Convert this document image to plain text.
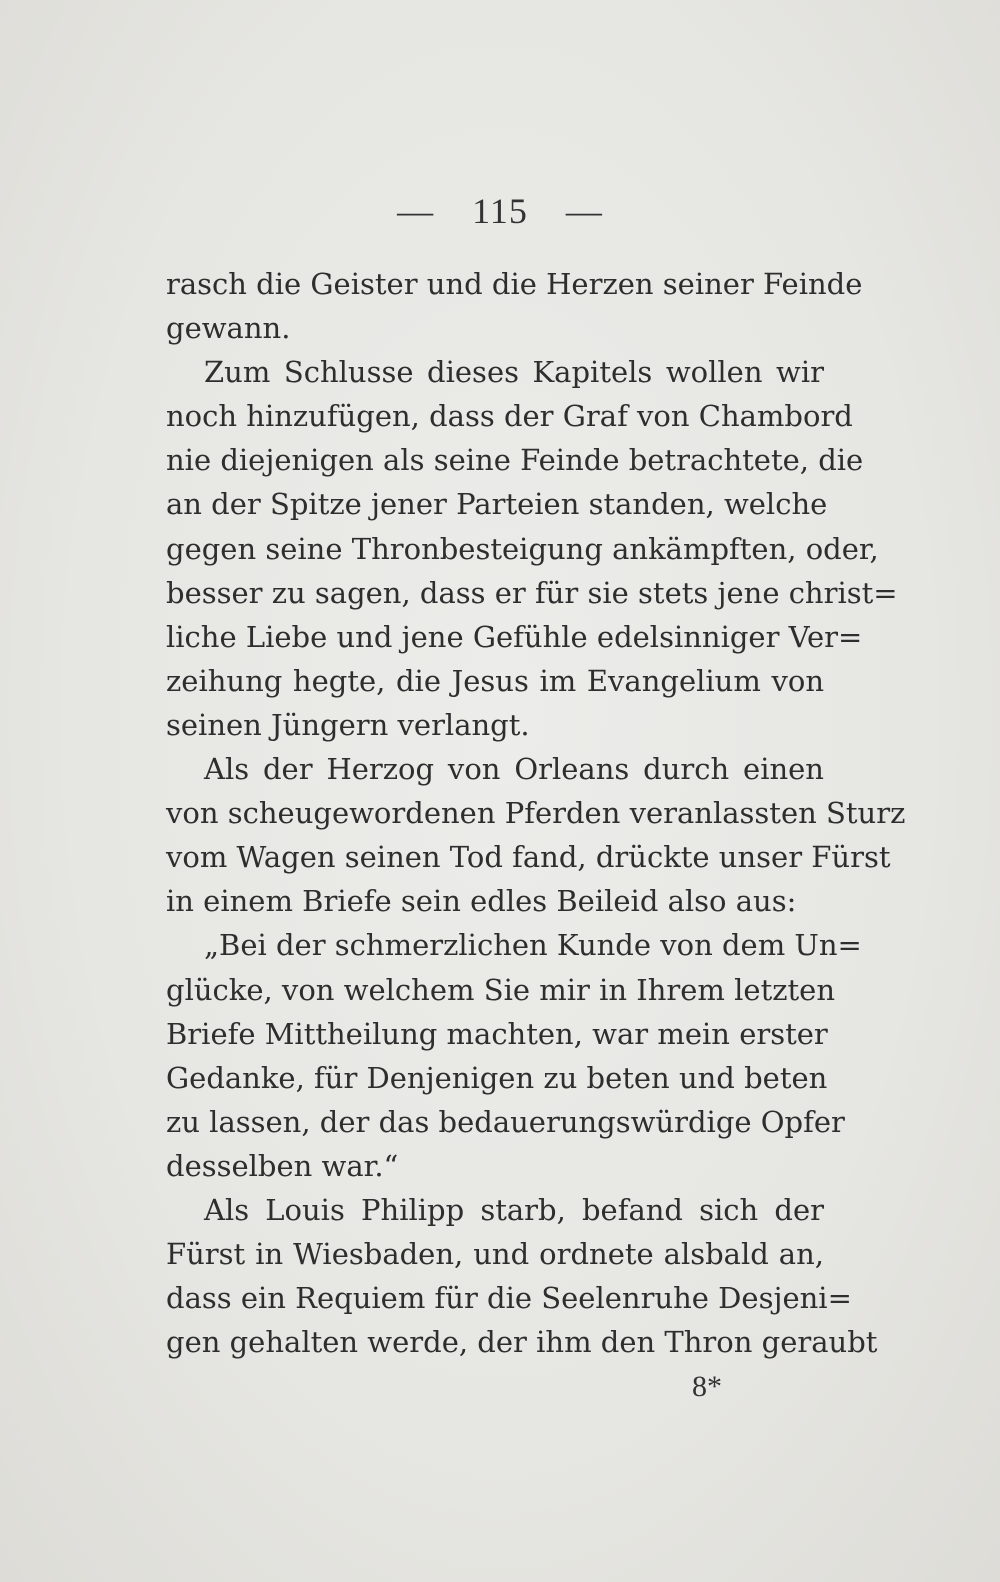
— 115 —
rasch die Geister und die Herzen seiner Feinde
gewann.
Zum Schlusse dieses Kapitels wollen wir
noch hinzufügen, dass der Graf von Chambord
nie diejenigen als seine Feinde betrachtete, die
an der Spitze jener Parteien standen, welche
gegen seine Thronbesteigung ankämpften, oder,
besser zu sagen, dass er für sie stets jene christ=
liche Liebe und jene Gefühle edelsinniger Ver=
zeihung hegte, die Jesus im Evangelium von
seinen Jüngern verlangt.
Als der Herzog von Orleans durch einen
von scheugewordenen Pferden veranlassten Sturz
vom Wagen seinen Tod fand, drückte unser Fürst
in einem Briefe sein edles Beileid also aus:
„Bei der schmerzlichen Kunde von dem Un=
glücke, von welchem Sie mir in Ihrem letzten
Briefe Mittheilung machten, war mein erster
Gedanke, für Denjenigen zu beten und beten
zu lassen, der das bedauerungswürdige Opfer
desselben war.“
Als Louis Philipp starb, befand sich der
Fürst in Wiesbaden, und ordnete alsbald an,
dass ein Requiem für die Seelenruhe Desjeni=
gen gehalten werde, der ihm den Thron geraubt
8*
